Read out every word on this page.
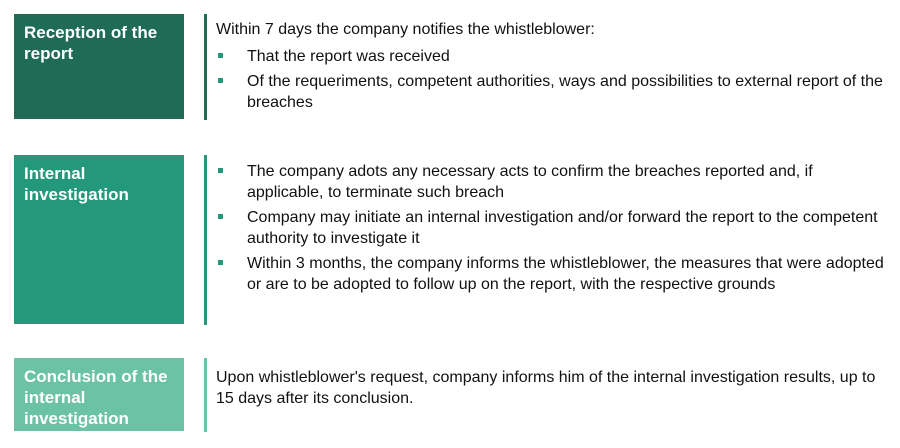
Reception of the report

Within 7 days the company notifies the whistleblower:

That the report was received
Of the requeriments, competent authorities, ways and possibilities to external report of the breaches
Internal investigation
The company adots any necessary acts to confirm the breaches reported and, if applicable, to terminate such breach
Company may initiate an internal investigation and/or forward the report to the competent authority to investigate it
Within 3 months, the company informs the whistleblower, the measures that were adopted or are to be adopted to follow up on the report, with the respective grounds
Conclusion of the internal investigation

Upon whistleblower's request, company informs him of the internal investigation results, up to 15 days after its conclusion.
